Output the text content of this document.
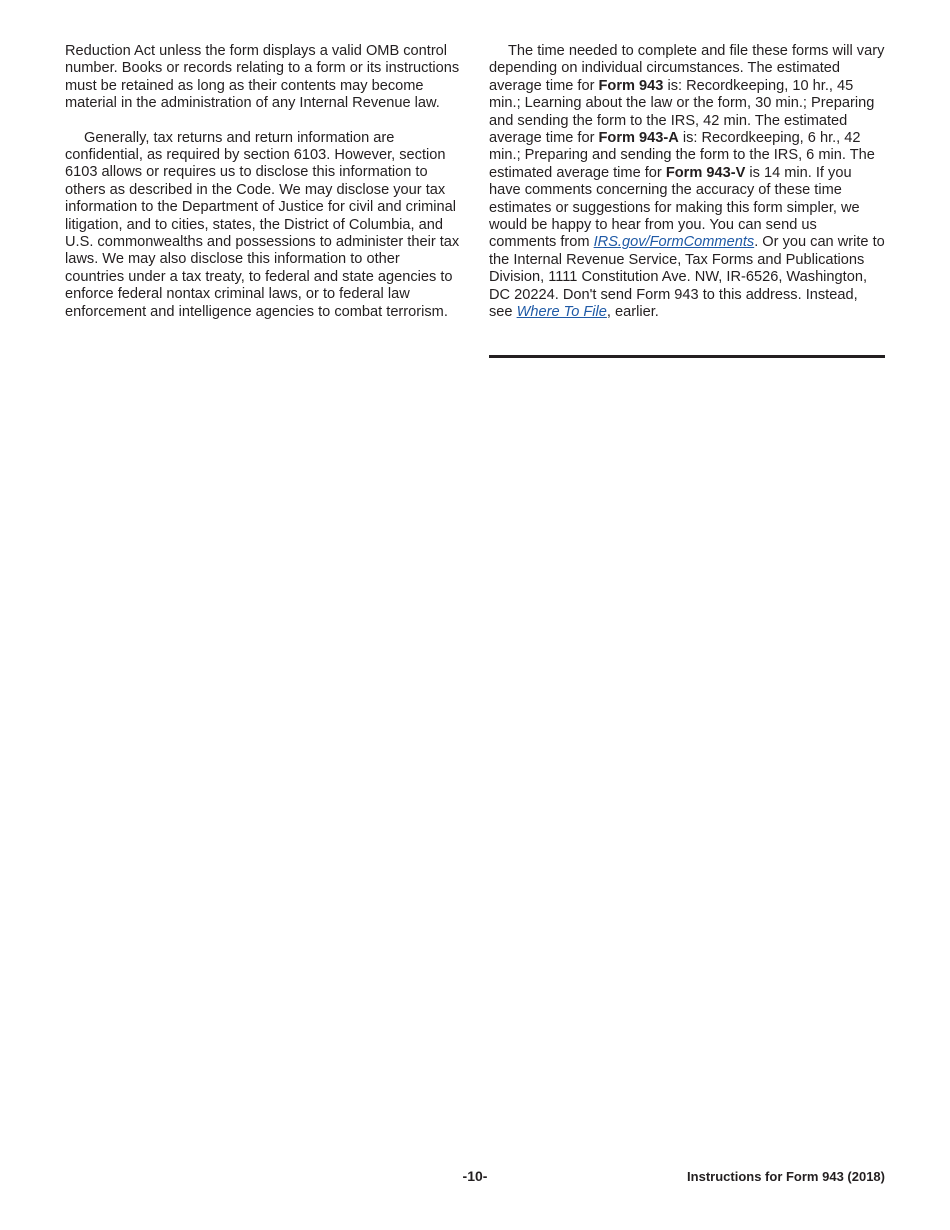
Reduction Act unless the form displays a valid OMB control number. Books or records relating to a form or its instructions must be retained as long as their contents may become material in the administration of any Internal Revenue law.

Generally, tax returns and return information are confidential, as required by section 6103. However, section 6103 allows or requires us to disclose this information to others as described in the Code. We may disclose your tax information to the Department of Justice for civil and criminal litigation, and to cities, states, the District of Columbia, and U.S. commonwealths and possessions to administer their tax laws. We may also disclose this information to other countries under a tax treaty, to federal and state agencies to enforce federal nontax criminal laws, or to federal law enforcement and intelligence agencies to combat terrorism.

The time needed to complete and file these forms will vary depending on individual circumstances. The estimated average time for Form 943 is: Recordkeeping, 10 hr., 45 min.; Learning about the law or the form, 30 min.; Preparing and sending the form to the IRS, 42 min. The estimated average time for Form 943-A is: Recordkeeping, 6 hr., 42 min.; Preparing and sending the form to the IRS, 6 min. The estimated average time for Form 943-V is 14 min. If you have comments concerning the accuracy of these time estimates or suggestions for making this form simpler, we would be happy to hear from you. You can send us comments from IRS.gov/FormComments. Or you can write to the Internal Revenue Service, Tax Forms and Publications Division, 1111 Constitution Ave. NW, IR-6526, Washington, DC 20224. Don't send Form 943 to this address. Instead, see Where To File, earlier.

-10-	Instructions for Form 943 (2018)
